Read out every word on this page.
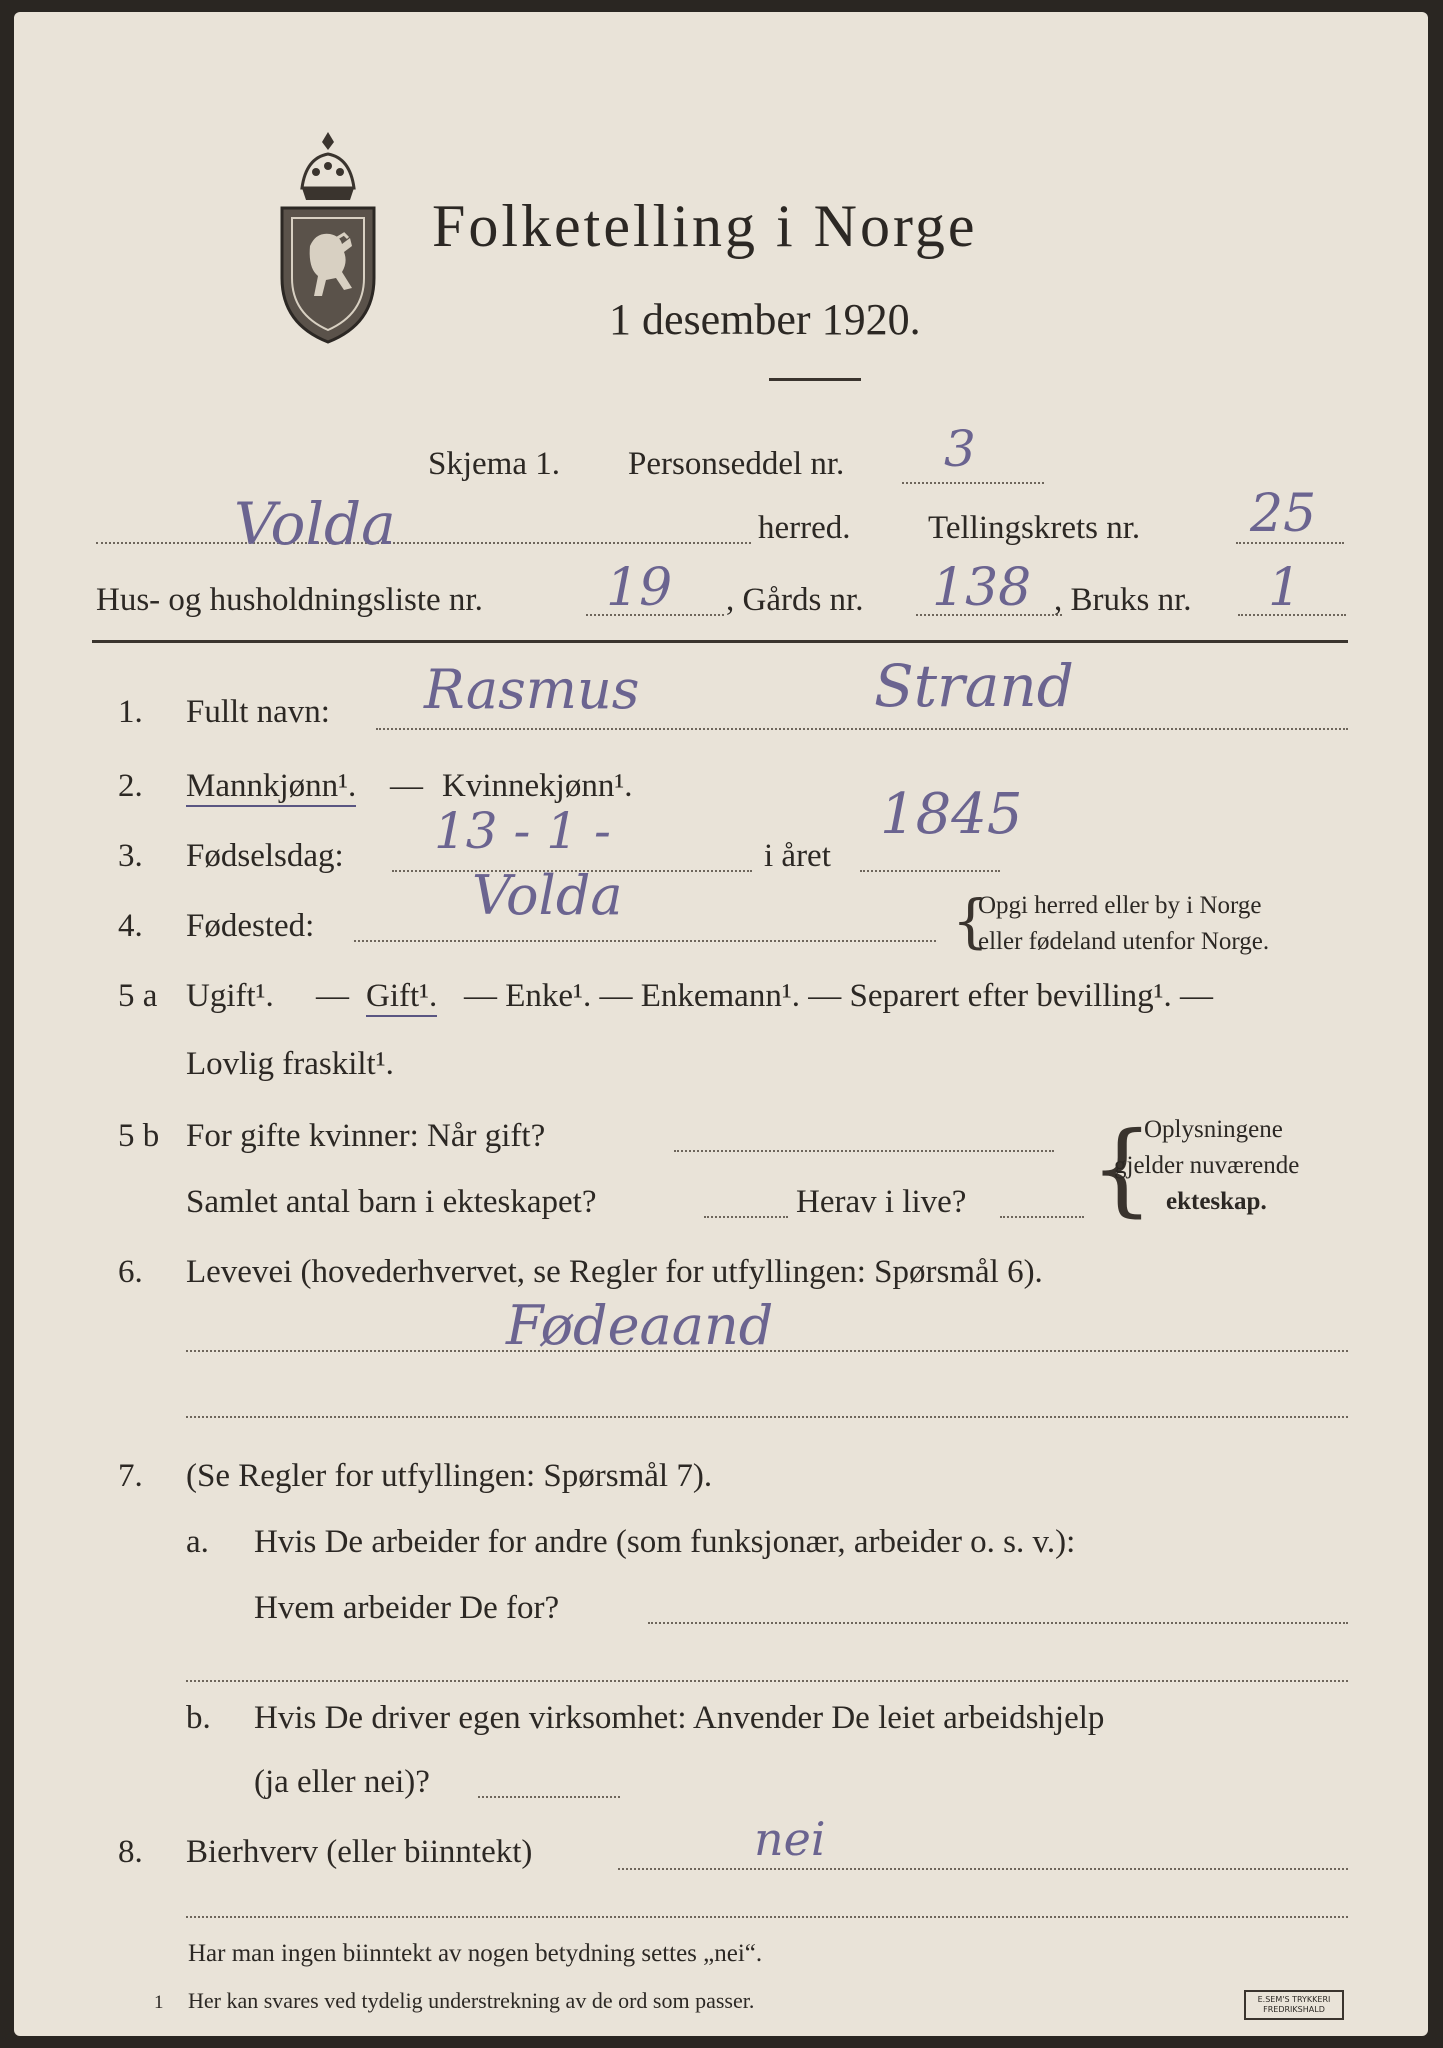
Folketelling i Norge
1 desember 1920.
Skjema 1. Personseddel nr. 3
Volda	herred. Tellingskrets nr. 25
Hus- og husholdningsliste nr. 19 , Gårds nr. 138 , Bruks nr. 1
1. Fullt navn: Rasmus	Strand
2. Mannkjønn¹. — Kvinnekjønn¹.
3. Fødselsdag: 13 - 1 -	i året
1845
4. Fødested:	Volda	{
Opgi herred eller by i Norge
eller fødeland utenfor Norge.
5 a Ugift¹. — Gift¹. — Enke¹. — Enkemann¹. — Separert efter bevilling¹. —
Lovlig fraskilt¹.
5 b For gifte kvinner: Når gift?
Samlet antal barn i ekteskapet?	Herav i live? {
Oplysningene
gjelder nuværende
ekteskap.
6. Levevei (hovederhvervet, se Regler for utfyllingen: Spørsmål 6).
Fødeaand
7. (Se Regler for utfyllingen: Spørsmål 7).
a. Hvis De arbeider for andre (som funksjonær, arbeider o. s. v.):
Hvem arbeider De for?
b. Hvis De driver egen virksomhet: Anvender De leiet arbeidshjelp
(ja eller nei)?
8. Bierhverv (eller biinntekt)	nei
Har man ingen biinntekt av nogen betydning settes „nei“.
1 Her kan svares ved tydelig understrekning av de ord som passer.	E.SEM'S TRYKKERI
FREDRIKSHALD
